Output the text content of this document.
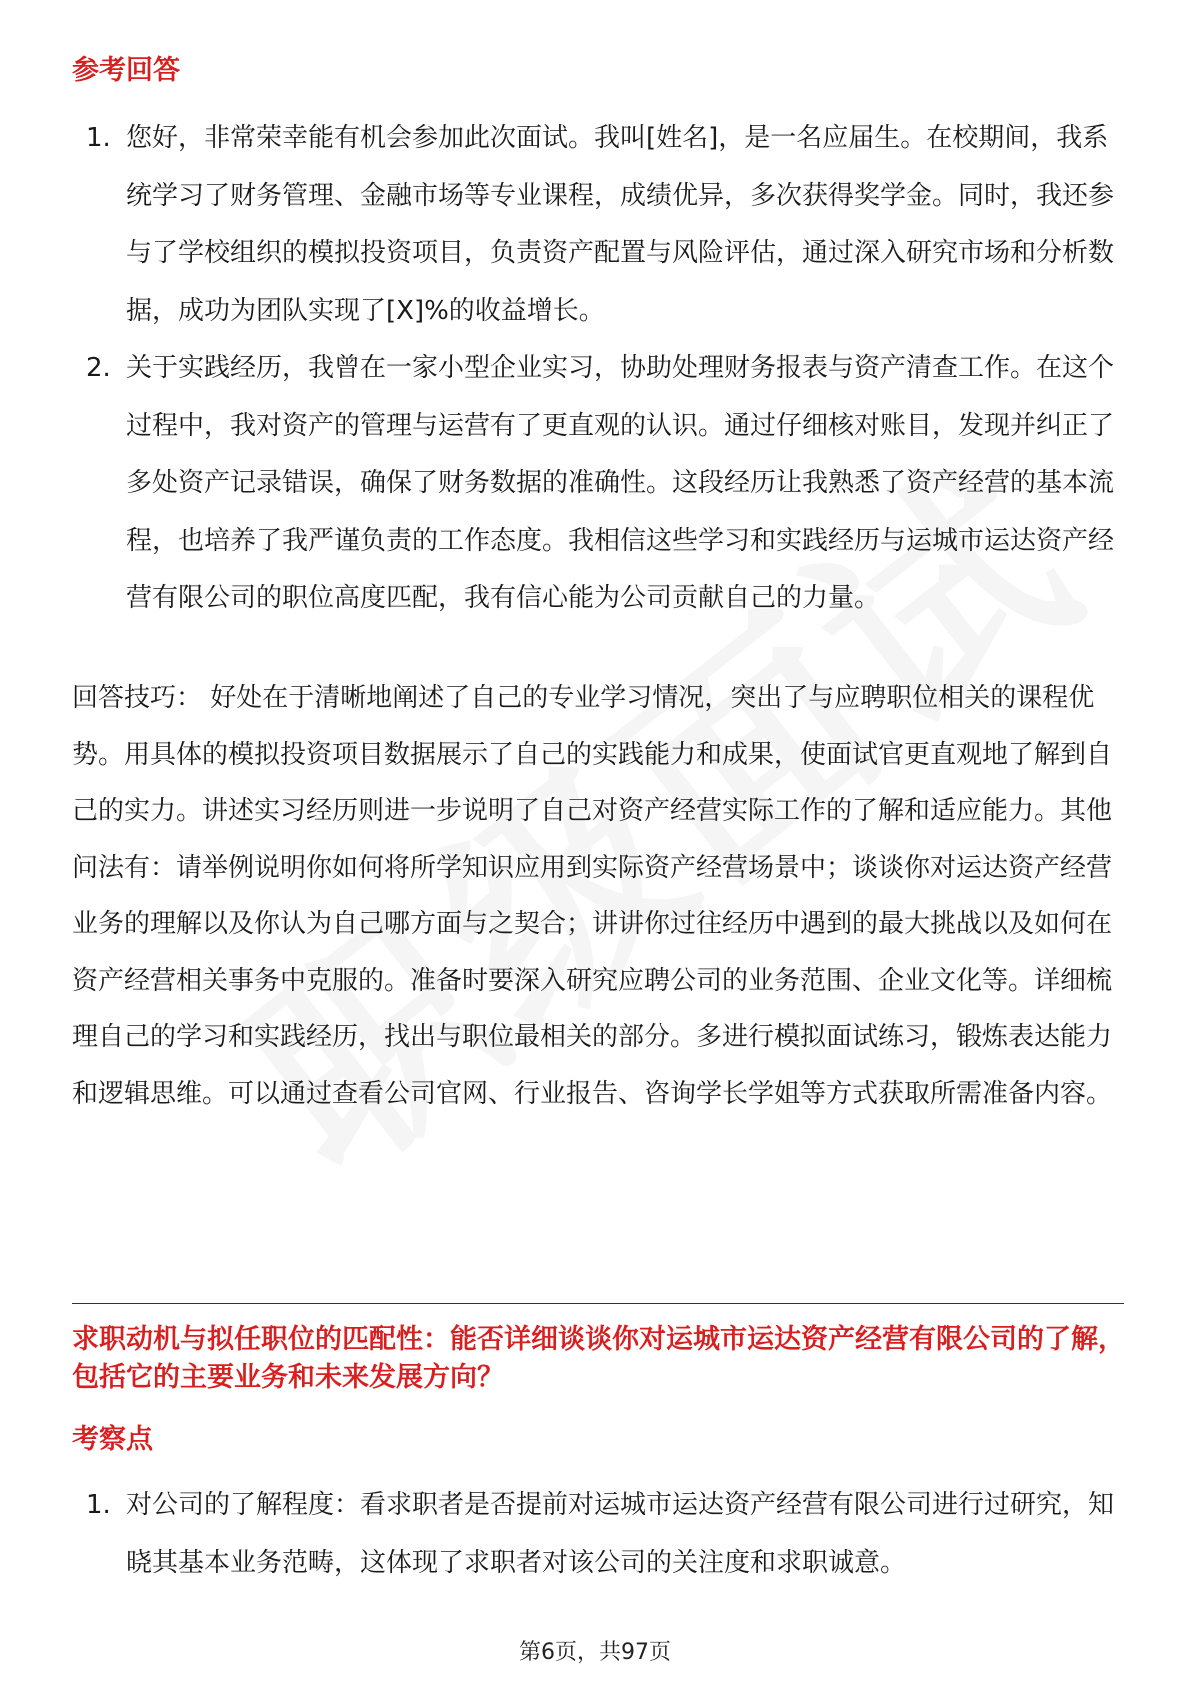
参考回答
1. 您好，非常荣幸能有机会参加此次面试。我叫[姓名]，是一名应届生。在校期间，我系统学习了财务管理、金融市场等专业课程，成绩优异，多次获得奖学金。同时，我还参与了学校组织的模拟投资项目，负责资产配置与风险评估，通过深入研究市场和分析数据，成功为团队实现了[X]%的收益增长。
2. 关于实践经历，我曾在一家小型企业实习，协助处理财务报表与资产清查工作。在这个过程中，我对资产的管理与运营有了更直观的认识。通过仔细核对账目，发现并纠正了多处资产记录错误，确保了财务数据的准确性。这段经历让我熟悉了资产经营的基本流程，也培养了我严谨负责的工作态度。我相信这些学习和实践经历与运城市运达资产经营有限公司的职位高度匹配，我有信心能为公司贡献自己的力量。

回答技巧： 好处在于清晰地阐述了自己的专业学习情况，突出了与应聘职位相关的课程优势。用具体的模拟投资项目数据展示了自己的实践能力和成果，使面试官更直观地了解到自己的实力。讲述实习经历则进一步说明了自己对资产经营实际工作的了解和适应能力。其他问法有：请举例说明你如何将所学知识应用到实际资产经营场景中；谈谈你对运达资产经营业务的理解以及你认为自己哪方面与之契合；讲讲你过往经历中遇到的最大挑战以及如何在资产经营相关事务中克服的。准备时要深入研究应聘公司的业务范围、企业文化等。详细梳理自己的学习和实践经历，找出与职位最相关的部分。多进行模拟面试练习，锻炼表达能力和逻辑思维。可以通过查看公司官网、行业报告、咨询学长学姐等方式获取所需准备内容。

求职动机与拟任职位的匹配性：能否详细谈谈你对运城市运达资产经营有限公司的了解，包括它的主要业务和未来发展方向？
考察点
1. 对公司的了解程度：看求职者是否提前对运城市运达资产经营有限公司进行过研究，知晓其基本业务范畴，这体现了求职者对该公司的关注度和求职诚意。
第6页，共97页
